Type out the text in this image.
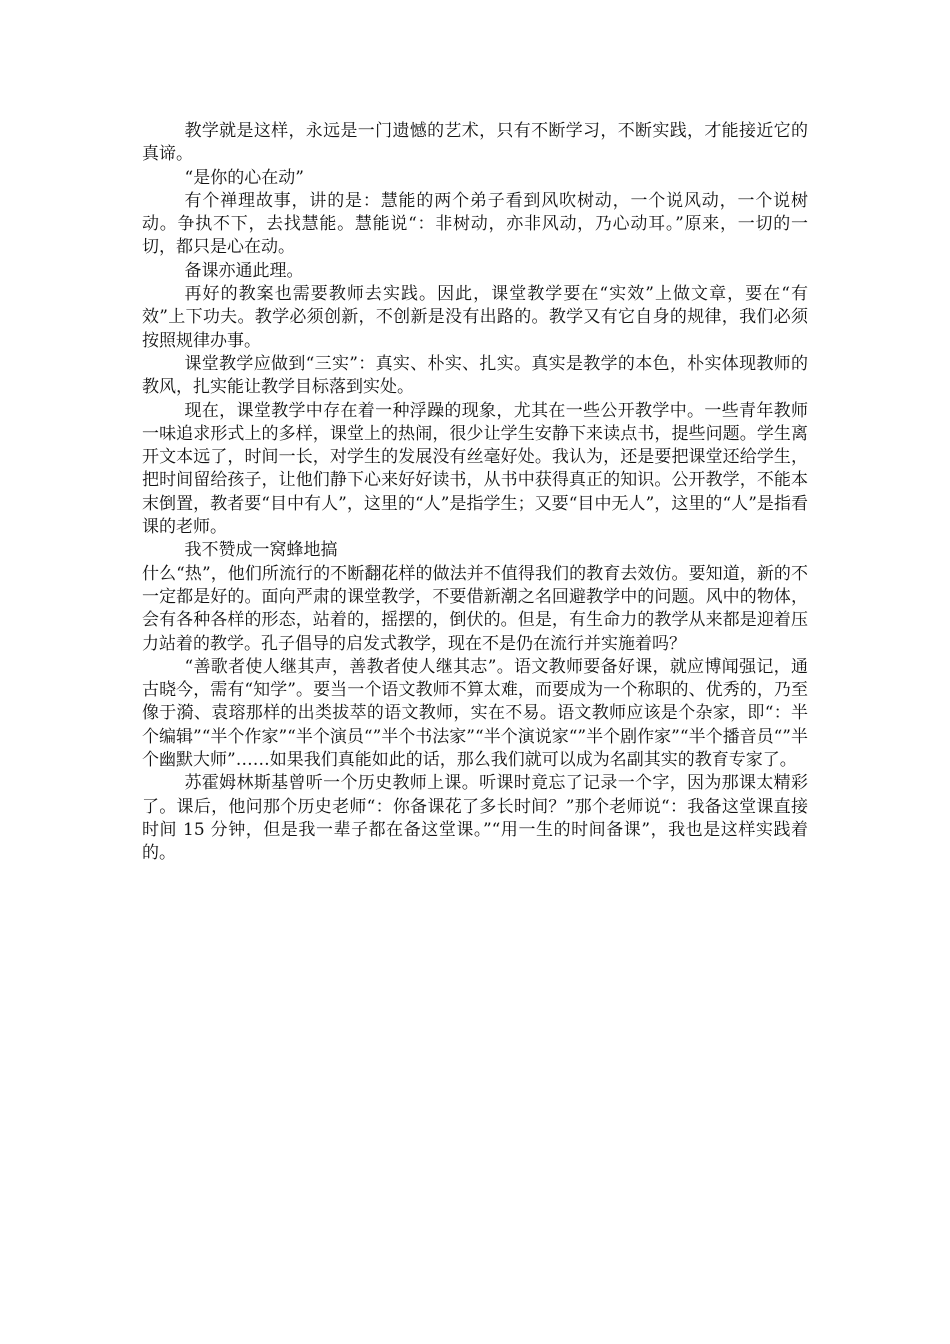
教学就是这样，永远是一门遗憾的艺术，只有不断学习，不断实践，才能接近它的真谛。

“是你的心在动”

有个禅理故事，讲的是：慧能的两个弟子看到风吹树动，一个说风动，一个说树动。争执不下，去找慧能。慧能说“：非树动，亦非风动，乃心动耳。”原来，一切的一切，都只是心在动。

备课亦通此理。

再好的教案也需要教师去实践。因此，课堂教学要在“实效”上做文章，要在“有效”上下功夫。教学必须创新，不创新是没有出路的。教学又有它自身的规律，我们必须按照规律办事。

课堂教学应做到“三实”：真实、朴实、扎实。真实是教学的本色，朴实体现教师的教风，扎实能让教学目标落到实处。

现在，课堂教学中存在着一种浮躁的现象，尤其在一些公开教学中。一些青年教师一味追求形式上的多样，课堂上的热闹，很少让学生安静下来读点书，提些问题。学生离开文本远了，时间一长，对学生的发展没有丝毫好处。我认为，还是要把课堂还给学生，把时间留给孩子，让他们静下心来好好读书，从书中获得真正的知识。公开教学，不能本末倒置，教者要“目中有人”，这里的“人”是指学生；又要“目中无人”，这里的“人”是指看课的老师。

我不赞成一窝蜂地搞

什么“热”，他们所流行的不断翻花样的做法并不值得我们的教育去效仿。要知道，新的不一定都是好的。面向严肃的课堂教学，不要借新潮之名回避教学中的问题。风中的物体，会有各种各样的形态，站着的，摇摆的，倒伏的。但是，有生命力的教学从来都是迎着压力站着的教学。孔子倡导的启发式教学，现在不是仍在流行并实施着吗？

“善歌者使人继其声，善教者使人继其志”。语文教师要备好课，就应博闻强记，通古晓今，需有“知学”。要当一个语文教师不算太难，而要成为一个称职的、优秀的，乃至像于漪、袁瑢那样的出类拔萃的语文教师，实在不易。语文教师应该是个杂家，即“：半个编辑”“半个作家”“半个演员“”半个书法家”“半个演说家“”半个剧作家”“半个播音员“”半个幽默大师”……如果我们真能如此的话，那么我们就可以成为名副其实的教育专家了。

苏霍姆林斯基曾听一个历史教师上课。听课时竟忘了记录一个字，因为那课太精彩了。课后，他问那个历史老师“：你备课花了多长时间？”那个老师说“：我备这堂课直接时间 15 分钟，但是我一辈子都在备这堂课。”“用一生的时间备课”，我也是这样实践着的。
